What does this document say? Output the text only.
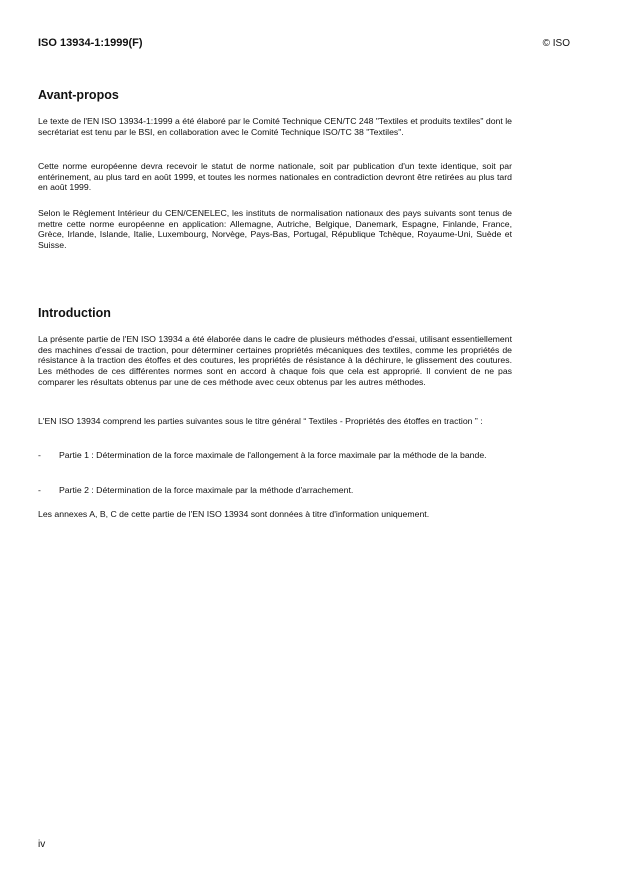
ISO 13934-1:1999(F)	© ISO
Avant-propos

Le texte de l'EN ISO 13934-1:1999 a été élaboré par le Comité Technique CEN/TC 248 "Textiles et produits textiles" dont le secrétariat est tenu par le BSI, en collaboration avec le Comité Technique ISO/TC 38 "Textiles".

Cette norme européenne devra recevoir le statut de norme nationale, soit par publication d'un texte identique, soit par entérinement, au plus tard en août 1999, et toutes les normes nationales en contradiction devront être retirées au plus tard en août 1999.

Selon le Règlement Intérieur du CEN/CENELEC, les instituts de normalisation nationaux des pays suivants sont tenus de mettre cette norme européenne en application: Allemagne, Autriche, Belgique, Danemark, Espagne, Finlande, France, Grèce, Irlande, Islande, Italie, Luxembourg, Norvège, Pays-Bas, Portugal, République Tchèque, Royaume-Uni, Suède et Suisse.

Introduction

La présente partie de l'EN ISO 13934 a été élaborée dans le cadre de plusieurs méthodes d'essai, utilisant essentiellement des machines d'essai de traction, pour déterminer certaines propriétés mécaniques des textiles, comme les propriétés de résistance à la traction des étoffes et des coutures, les propriétés de résistance à la déchirure, le glissement des coutures. Les méthodes de ces différentes normes sont en accord à chaque fois que cela est approprié. Il convient de ne pas comparer les résultats obtenus par une de ces méthode avec ceux obtenus par les autres méthodes.

L'EN ISO 13934 comprend les parties suivantes sous le titre général “ Textiles - Propriétés des étoffes en traction ” :

- Partie 1 : Détermination de la force maximale de l'allongement à la force maximale par la méthode de la bande.
- Partie 2 : Détermination de la force maximale par la méthode d'arrachement.

Les annexes A, B, C de cette partie de l'EN ISO 13934 sont données à titre d'information uniquement.

iv
